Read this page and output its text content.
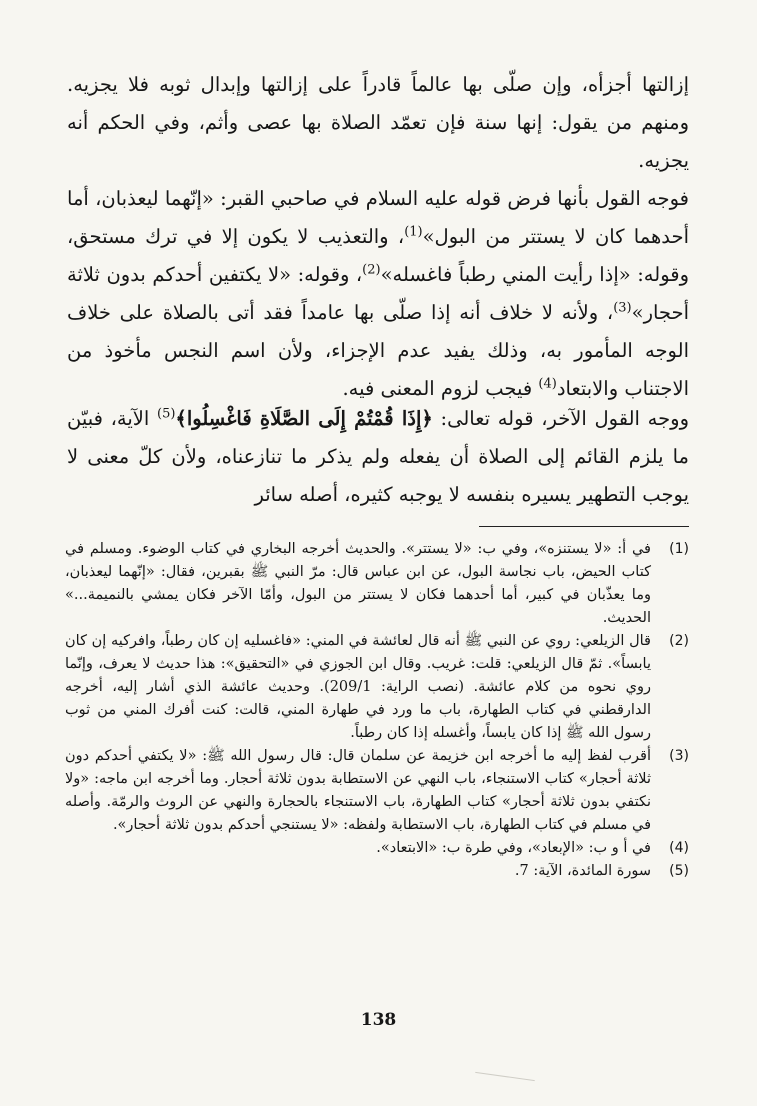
إزالتها أجزأه، وإن صلّى بها عالماً قادراً على إزالتها وإبدال ثوبه فلا يجزيه. ومنهم من يقول: إنها سنة فإن تعمّد الصلاة بها عصى وأثم، وفي الحكم أنه يجزيه.

فوجه القول بأنها فرض قوله عليه السلام في صاحبي القبر: «إنّهما ليعذبان، أما أحدهما كان لا يستتر من البول»$^{(1)}$، والتعذيب لا يكون إلا في ترك مستحق، وقوله: «إذا رأيت المني رطباً فاغسله»$^{(2)}$، وقوله: «لا يكتفين أحدكم بدون ثلاثة أحجار»$^{(3)}$، ولأنه لا خلاف أنه إذا صلّى بها عامداً فقد أتى بالصلاة على خلاف الوجه المأمور به، وذلك يفيد عدم الإجزاء، ولأن اسم النجس مأخوذ من الاجتناب والابتعاد$^{(4)}$ فيجب لزوم المعنى فيه.

ووجه القول الآخر، قوله تعالى: ﴿إِذَا قُمْتُمْ إِلَى الصَّلَاةِ فَاغْسِلُوا﴾$^{(5)}$ الآية، فبيّن ما يلزم القائم إلى الصلاة أن يفعله ولم يذكر ما تنازعناه، ولأن كلّ معنى لا يوجب التطهير يسيره بنفسه لا يوجبه كثيره، أصله سائر

(1)
في أ: «لا يستنزه»، وفي ب: «لا يستتر». والحديث أخرجه البخاري في كتاب الوضوء. ومسلم في كتاب الحيض، باب نجاسة البول، عن ابن عباس قال: مرّ النبي ﷺ بقبرين، فقال: «إنّهما ليعذبان، وما يعذّبان في كبير، أما أحدهما فكان لا يستتر من البول، وأمّا الآخر فكان يمشي بالنميمة...» الحديث.

(2)
قال الزيلعي: روي عن النبي ﷺ أنه قال لعائشة في المني: «فاغسليه إن كان رطباً، وافركيه إن كان يابساً». ثمّ قال الزيلعي: قلت: غريب. وقال ابن الجوزي في «التحقيق»: هذا حديث لا يعرف، وإنّما روي نحوه من كلام عائشة. (نصب الراية: 209/1). وحديث عائشة الذي أشار إليه، أخرجه الدارقطني في كتاب الطهارة، باب ما ورد في طهارة المني، قالت: كنت أفرك المني من ثوب رسول الله ﷺ إذا كان يابساً، وأغسله إذا كان رطباً.

(3)
أقرب لفظ إليه ما أخرجه ابن خزيمة عن سلمان قال: قال رسول الله ﷺ: «لا يكتفي أحدكم دون ثلاثة أحجار» كتاب الاستنجاء، باب النهي عن الاستطابة بدون ثلاثة أحجار. وما أخرجه ابن ماجه: «ولا نكتفي بدون ثلاثة أحجار» كتاب الطهارة، باب الاستنجاء بالحجارة والنهي عن الروث والرمّة. وأصله في مسلم في كتاب الطهارة، باب الاستطابة ولفظه: «لا يستنجي أحدكم بدون ثلاثة أحجار».

(4)
في أ و ب: «الإبعاد»، وفي طرة ب: «الابتعاد».

(5)
سورة المائدة، الآية: 7.

138
